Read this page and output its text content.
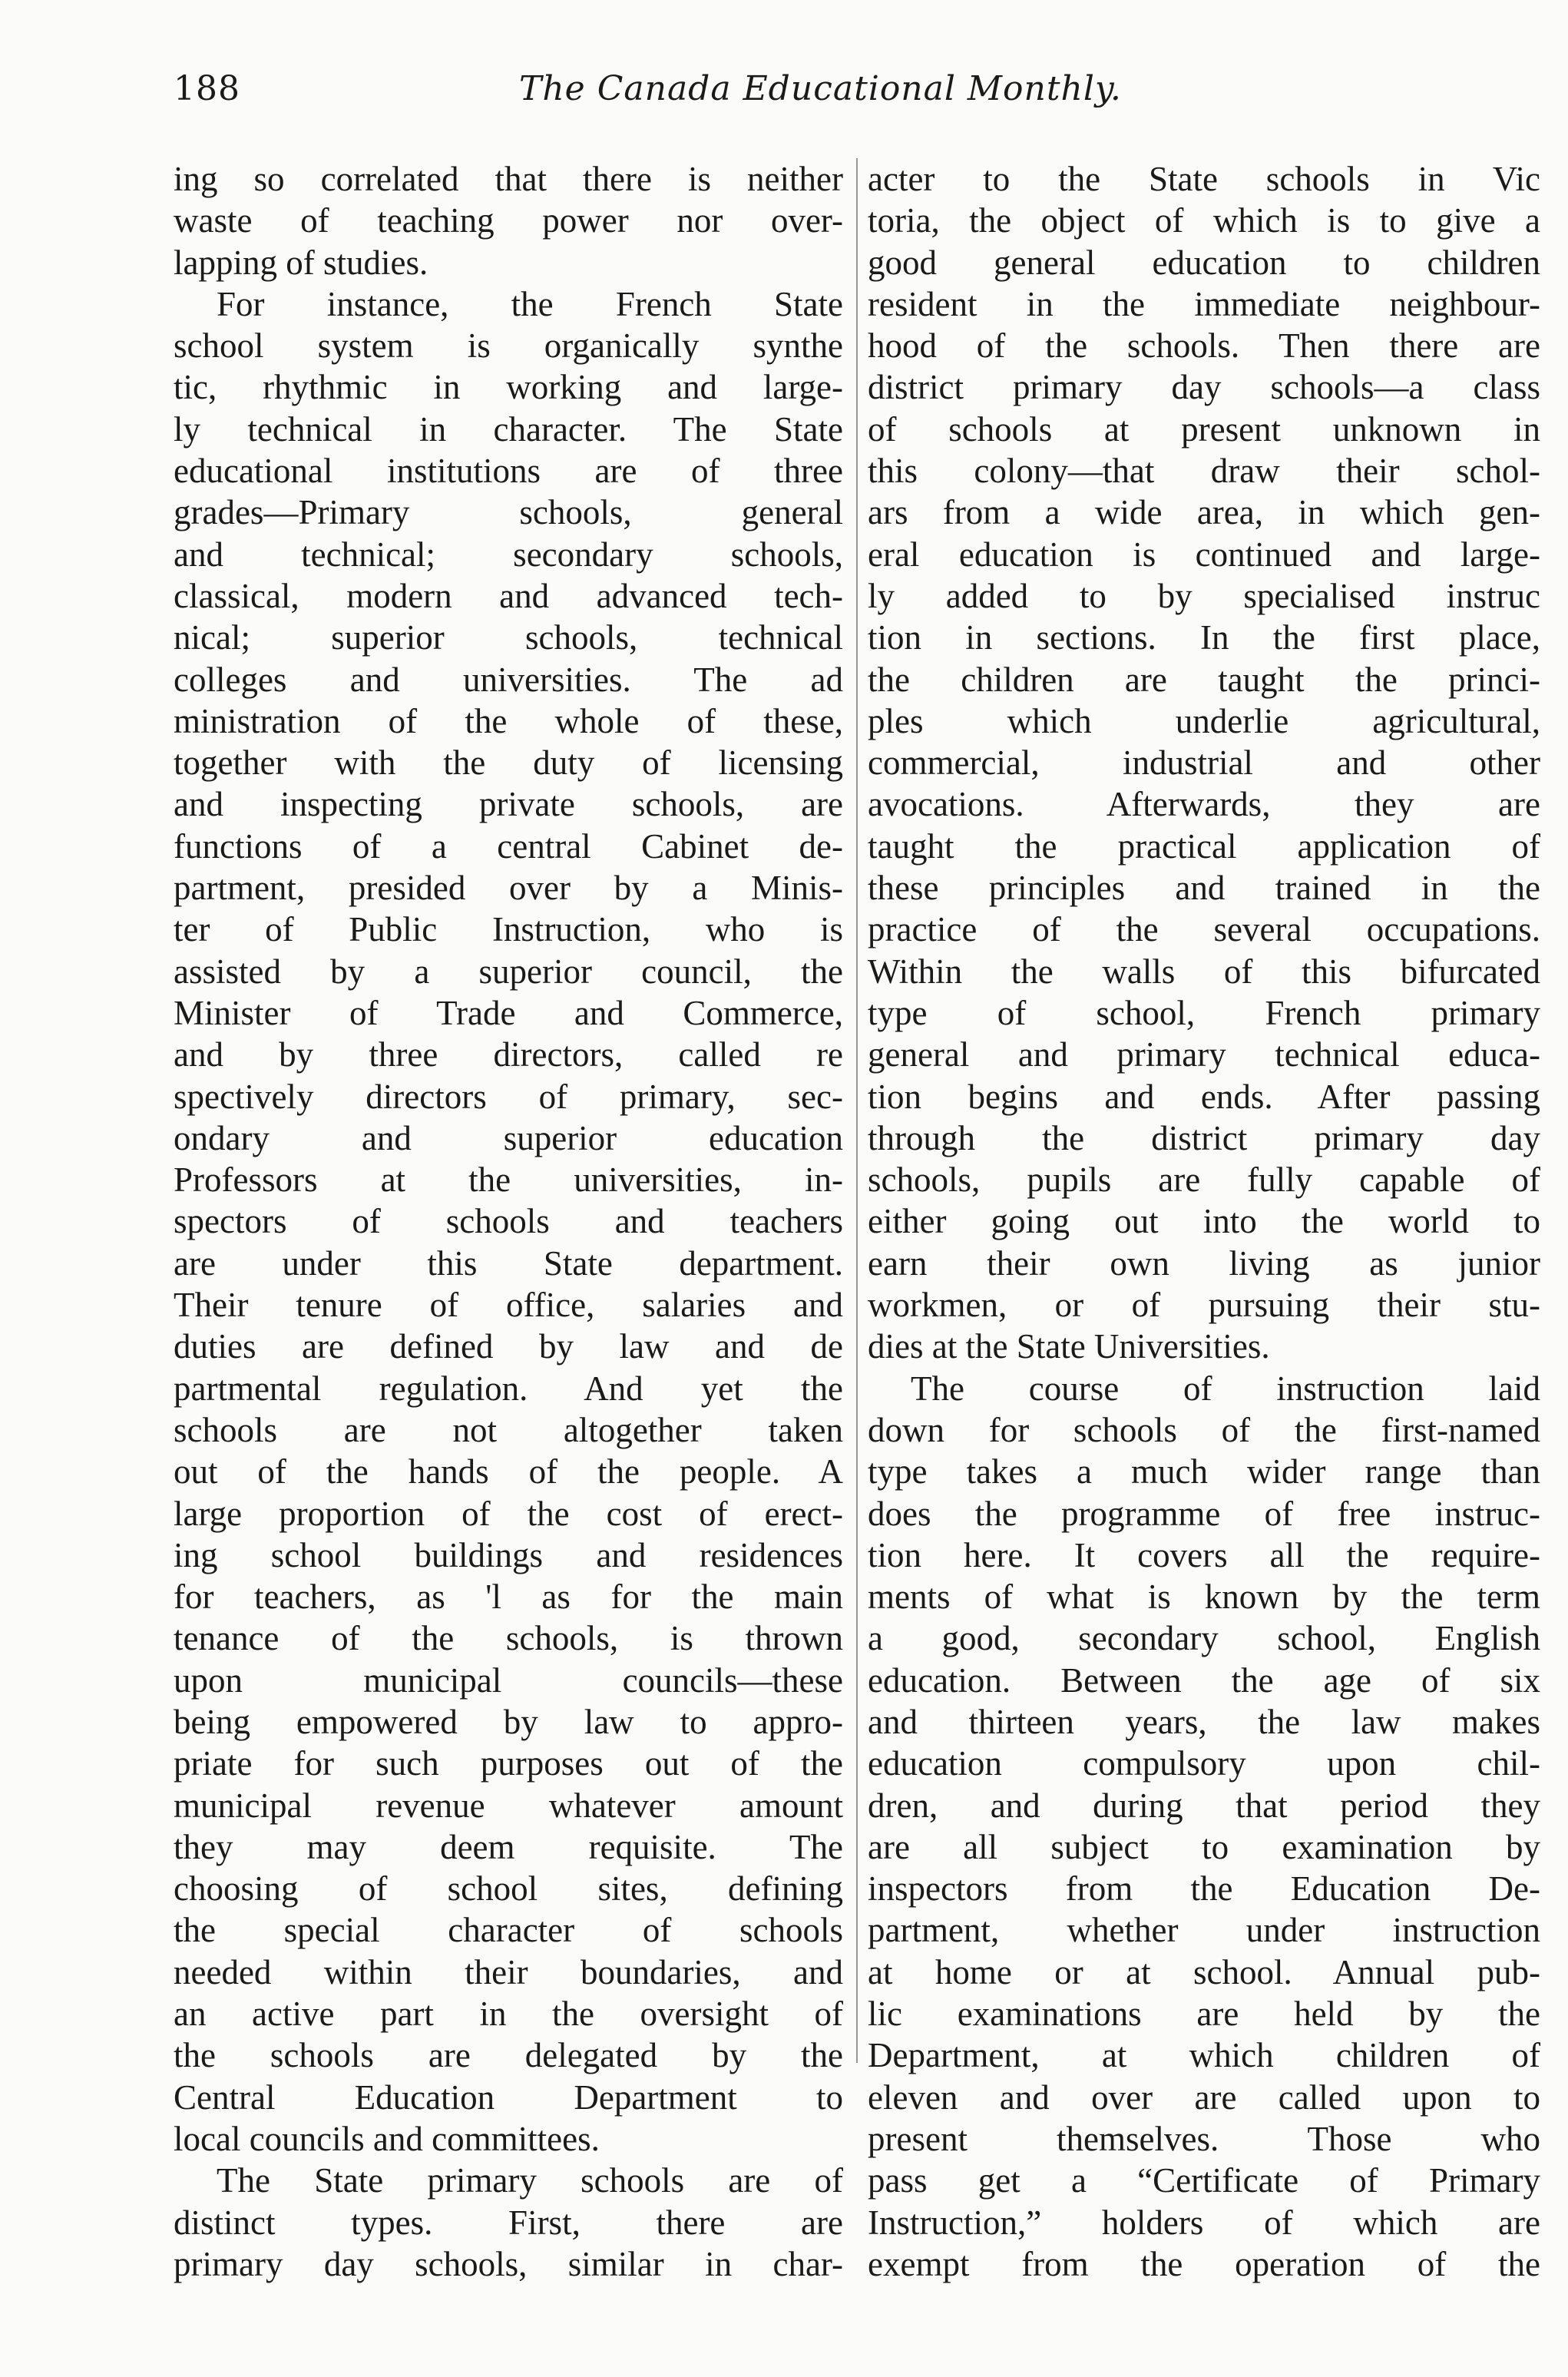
188	The Canada Educational Monthly.
ing so correlated that there is neither
waste of teaching power nor over-
lapping of studies.
For instance, the French State
school system is organically synthe
tic, rhythmic in working and large-
ly technical in character. The State
educational institutions are of three
grades—Primary schools, general
and technical; secondary schools,
classical, modern and advanced tech-
nical; superior schools, technical
colleges and universities. The ad
ministration of the whole of these,
together with the duty of licensing
and inspecting private schools, are
functions of a central Cabinet de-
partment, presided over by a Minis-
ter of Public Instruction, who is
assisted by a superior council, the
Minister of Trade and Commerce,
and by three directors, called re
spectively directors of primary, sec-
ondary and superior education
Professors at the universities, in-
spectors of schools and teachers
are under this State department.
Their tenure of office, salaries and
duties are defined by law and de
partmental regulation. And yet the
schools are not altogether taken
out of the hands of the people. A
large proportion of the cost of erect-
ing school buildings and residences
for teachers, as 'l as for the main
tenance of the schools, is thrown
upon municipal councils—these
being empowered by law to appro-
priate for such purposes out of the
municipal revenue whatever amount
they may deem requisite. The
choosing of school sites, defining
the special character of schools
needed within their boundaries, and
an active part in the oversight of
the schools are delegated by the
Central Education Department to
local councils and committees.
The State primary schools are of
distinct types. First, there are
primary day schools, similar in char-
acter to the State schools in Vic
toria, the object of which is to give a
good general education to children
resident in the immediate neighbour-
hood of the schools. Then there are
district primary day schools—a class
of schools at present unknown in
this colony—that draw their schol-
ars from a wide area, in which gen-
eral education is continued and large-
ly added to by specialised instruc
tion in sections. In the first place,
the children are taught the princi-
ples which underlie agricultural,
commercial, industrial and other
avocations. Afterwards, they are
taught the practical application of
these principles and trained in the
practice of the several occupations.
Within the walls of this bifurcated
type of school, French primary
general and primary technical educa-
tion begins and ends. After passing
through the district primary day
schools, pupils are fully capable of
either going out into the world to
earn their own living as junior
workmen, or of pursuing their stu-
dies at the State Universities.
The course of instruction laid
down for schools of the first-named
type takes a much wider range than
does the programme of free instruc-
tion here. It covers all the require-
ments of what is known by the term
a good, secondary school, English
education. Between the age of six
and thirteen years, the law makes
education compulsory upon chil-
dren, and during that period they
are all subject to examination by
inspectors from the Education De-
partment, whether under instruction
at home or at school. Annual pub-
lic examinations are held by the
Department, at which children of
eleven and over are called upon to
present themselves. Those who
pass get a “Certificate of Primary
Instruction,” holders of which are
exempt from the operation of the
